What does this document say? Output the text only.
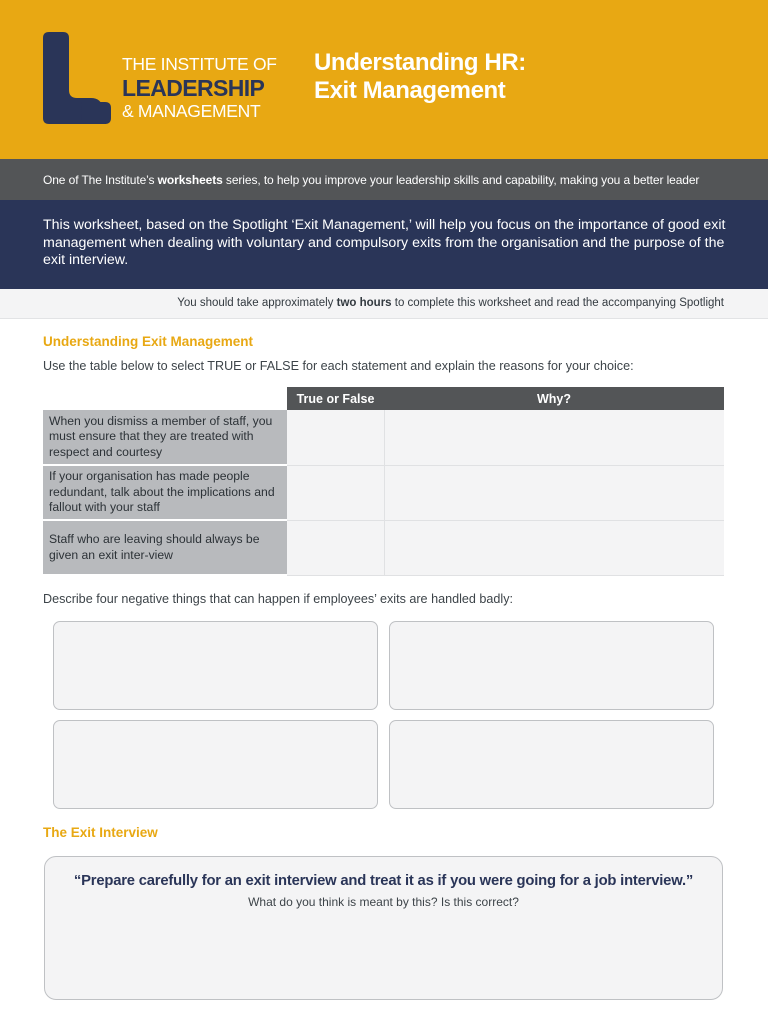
THE INSTITUTE OF
LEADERSHIP
& MANAGEMENT
Understanding HR:
Exit Management
One of The Institute’s worksheets series, to help you improve your leadership skills and capability, making you a better leader
This worksheet, based on the Spotlight ‘Exit Management,’ will help you focus on the importance of good exit management when dealing with voluntary and compulsory exits from the organisation and the purpose of the exit interview.
You should take approximately two hours to complete this worksheet and read the accompanying Spotlight
Understanding Exit Management
Use the table below to select TRUE or FALSE for each statement and explain the reasons for your choice:
	True or False	Why?
When you dismiss a member of staff, you must ensure that they are treated with respect and courtesy		
If your organisation has made people redundant, talk about the implications and fallout with your staff		
Staff who are leaving should always be given an exit inter-view		
Describe four negative things that can happen if employees’ exits are handled badly:
The Exit Interview
“Prepare carefully for an exit interview and treat it as if you were going for a job interview.”
What do you think is meant by this? Is this correct?
